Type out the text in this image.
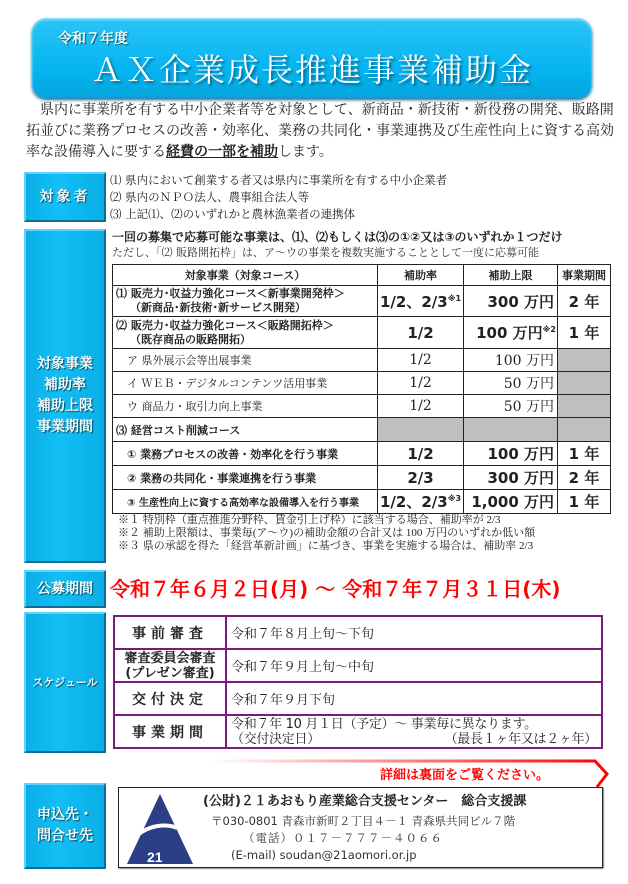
令和７年度
ＡＸ企業成長推進事業補助金
県内に事業所を有する中小企業者等を対象として、新商品・新技術・新役務の開発、販路開拓並びに業務プロセスの改善・効率化、業務の共同化・事業連携及び生産性向上に資する高効率な設備導入に要する経費の一部を補助します。
対象者
⑴ 県内において創業する者又は県内に事業所を有する中小企業者
⑵ 県内のＮＰＯ法人、農事組合法人等
⑶ 上記⑴、⑵のいずれかと農林漁業者の連携体
対象事業
補助率
補助上限
事業期間
一回の募集で応募可能な事業は、⑴、⑵もしくは⑶の①②又は③のいずれか１つだけ
ただし、「⑵ 販路開拓枠」は、ア～ウの事業を複数実施することとして一度に応募可能
対象事業（対象コース）	補助率	補助上限	事業期間

⑴ 販売力･収益力強化コース＜新事業開発枠＞
（新商品･新技術･新サービス開発）	1/2、2/3$^{※1}$	300 万円	2 年

⑵ 販売力･収益力強化コース＜販路開拓枠＞
（既存商品の販路開拓）	1/2	100 万円$^{※2}$	1 年
ア 県外展示会等出展事業	1/2	100 万円	
イ ＷＥＢ・デジタルコンテンツ活用事業	1/2	50 万円	
ウ 商品力・取引力向上事業	1/2	50 万円	
⑶ 経営コスト削減コース			
① 業務プロセスの改善・効率化を行う事業	1/2	100 万円	1 年
② 業務の共同化・事業連携を行う事業	2/3	300 万円	2 年
③ 生産性向上に資する高効率な設備導入を行う事業	1/2、2/3$^{※3}$	1,000 万円	1 年
※１ 特別枠（重点推進分野枠、賃金引上げ枠）に該当する場合、補助率が 2/3
※２ 補助上限額は、事業毎(ア～ウ)の補助金額の合計又は 100 万円のいずれか低い額
※３ 県の承認を得た「経営革新計画」に基づき、事業を実施する場合は、補助率 2/3
公募期間 令和７年６月２日(月) ～ 令和７年７月３１日(木)
スケジュール
事前審査	令和７年８月上旬～下旬

審査委員会審査
(プレゼン審査)	令和７年９月上旬～中旬
交付決定	令和７年９月下旬
事業期間	令和７年 10 月１日（予定）～ 事業毎に異なります。
（交付決定日） （最長１ヶ年又は２ヶ年）
詳細は裏面をご覧ください。
申込先・
問合せ先
21
(公財)２１あおもり産業総合支援センター　総合支援課
〒030-0801 青森市新町２丁目４－１ 青森県共同ビル７階
（電話）０１７－７７７－４０６６
(E-mail) soudan@21aomori.or.jp
